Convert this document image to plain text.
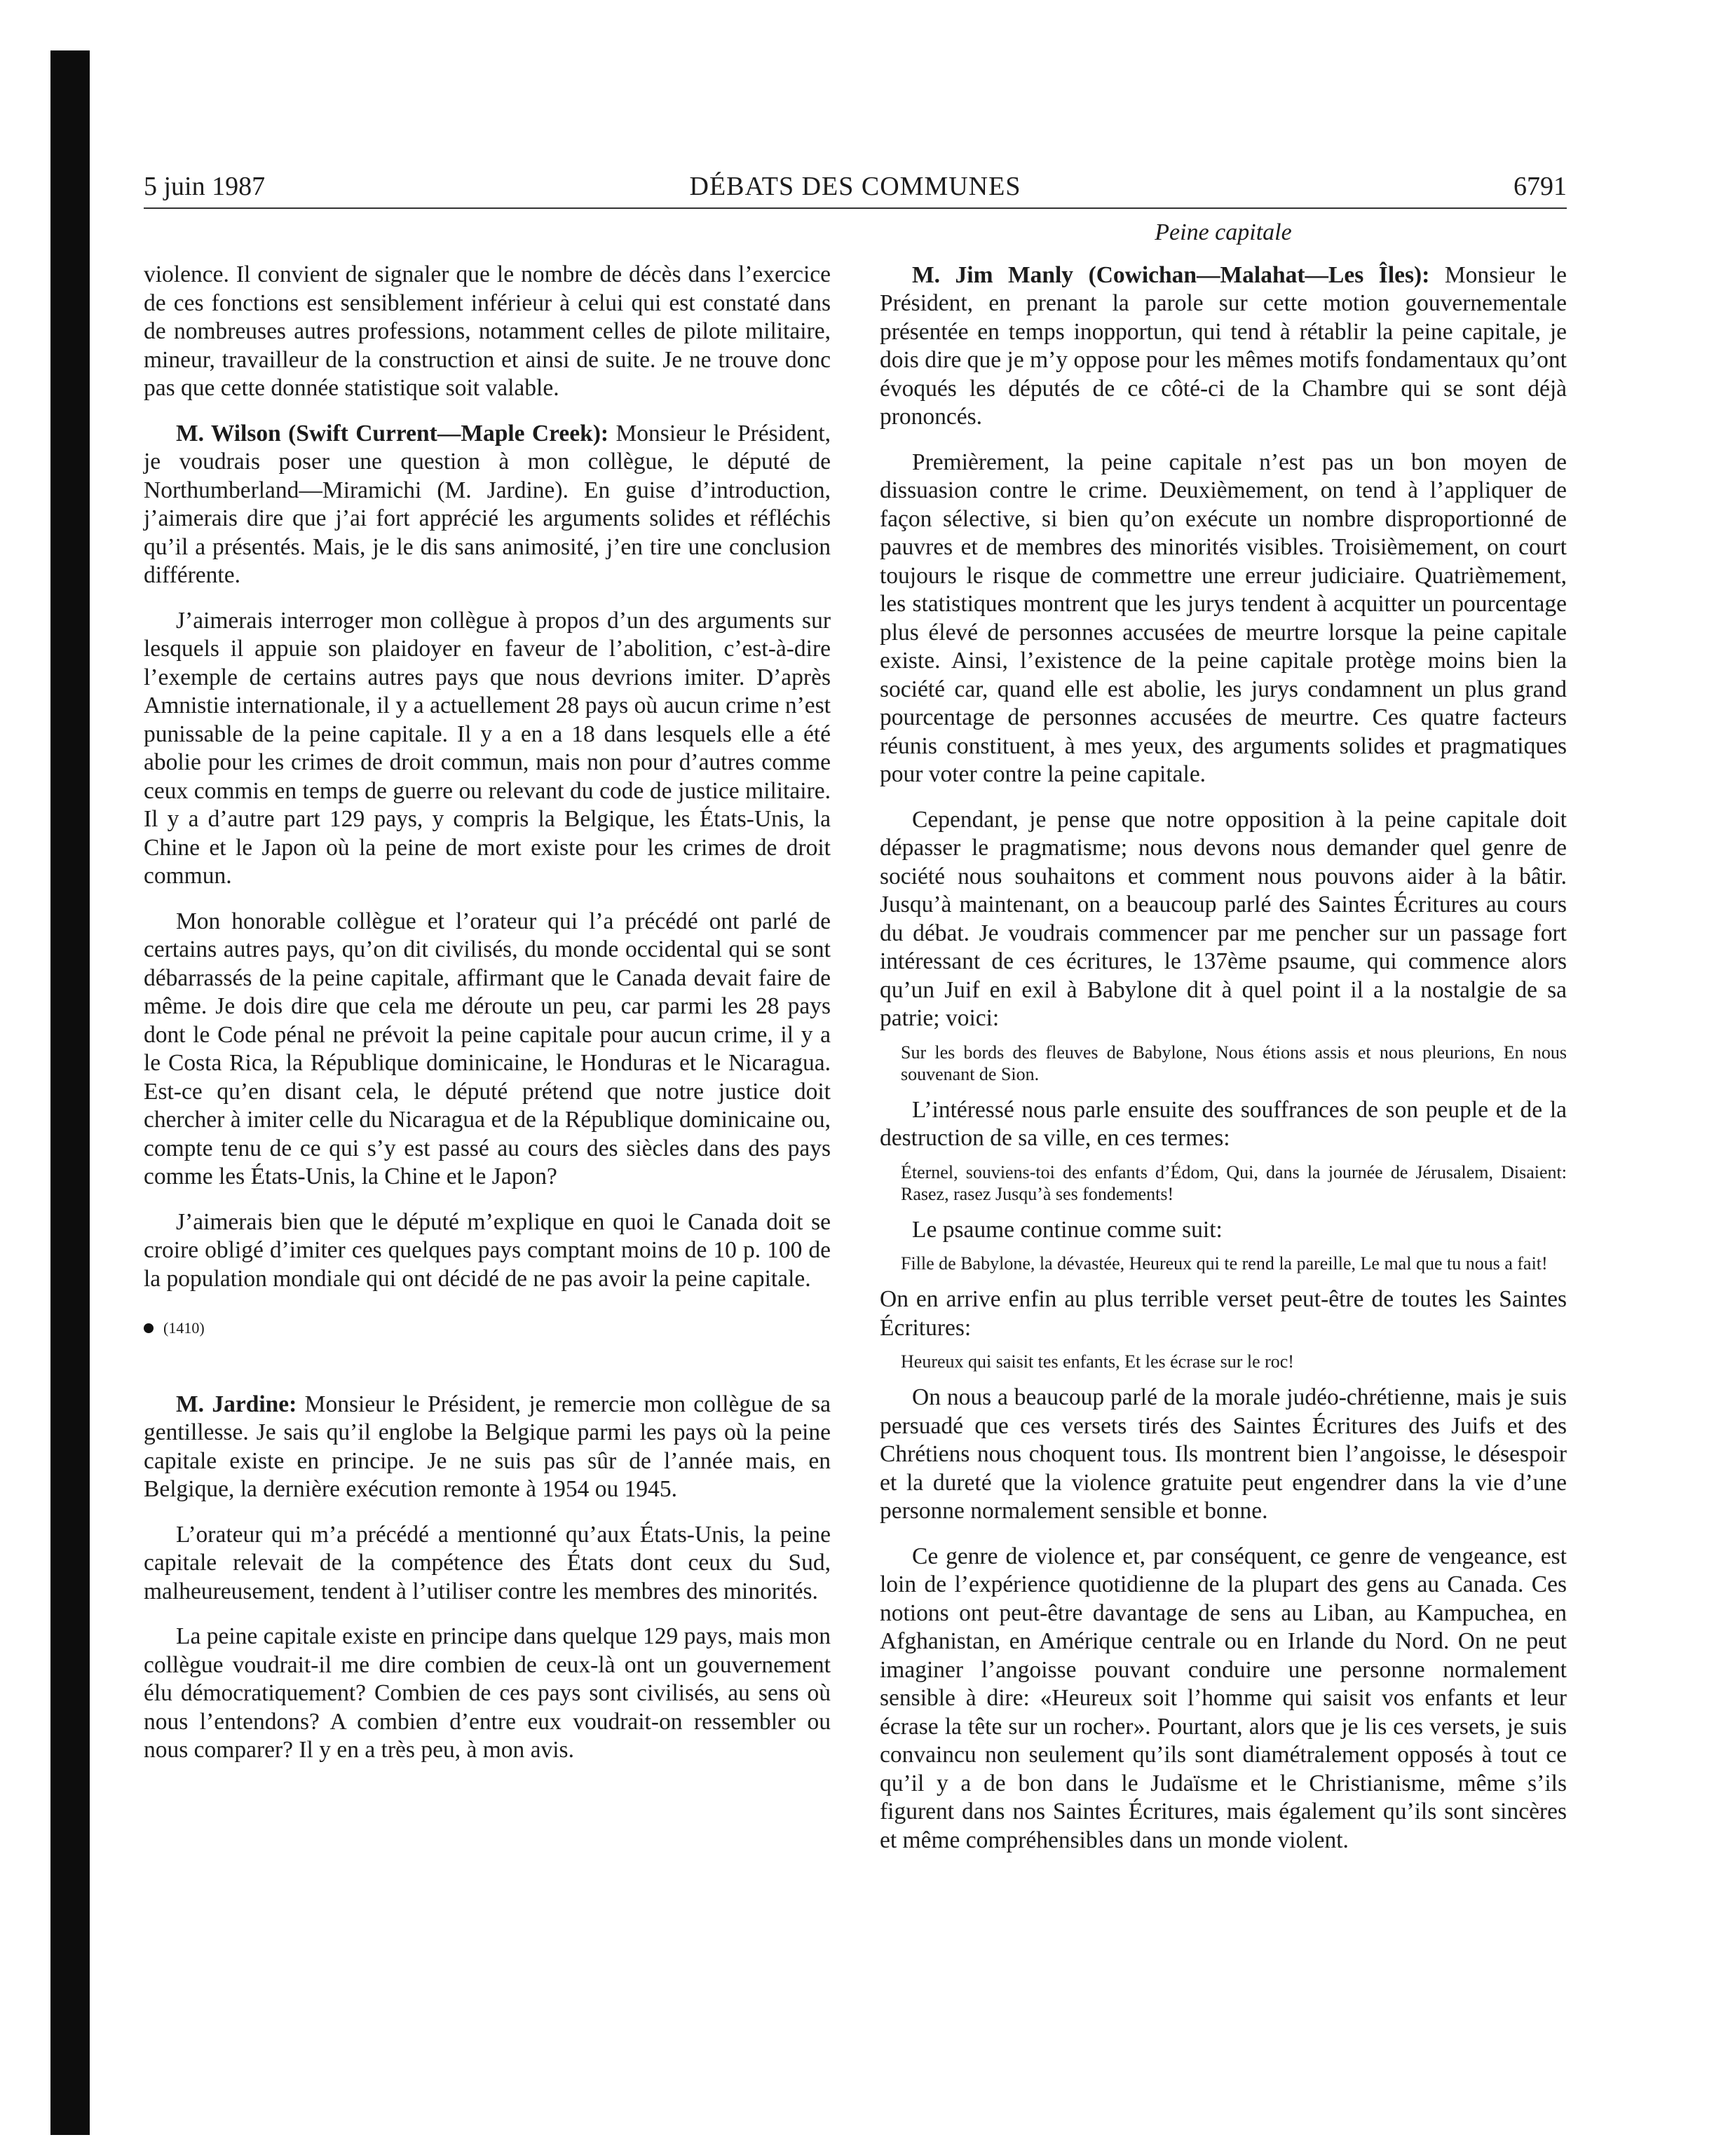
5 juin 1987	DÉBATS DES COMMUNES	6791

violence. Il convient de signaler que le nombre de décès dans l’exercice de ces fonctions est sensiblement inférieur à celui qui est constaté dans de nombreuses autres professions, notamment celles de pilote militaire, mineur, travailleur de la construction et ainsi de suite. Je ne trouve donc pas que cette donnée statistique soit valable.

M. Wilson (Swift Current—Maple Creek): Monsieur le Président, je voudrais poser une question à mon collègue, le député de Northumberland—Miramichi (M. Jardine). En guise d’introduction, j’aimerais dire que j’ai fort apprécié les arguments solides et réfléchis qu’il a présentés. Mais, je le dis sans animosité, j’en tire une conclusion différente.

J’aimerais interroger mon collègue à propos d’un des arguments sur lesquels il appuie son plaidoyer en faveur de l’abolition, c’est-à-dire l’exemple de certains autres pays que nous devrions imiter. D’après Amnistie internationale, il y a actuellement 28 pays où aucun crime n’est punissable de la peine capitale. Il y a en a 18 dans lesquels elle a été abolie pour les crimes de droit commun, mais non pour d’autres comme ceux commis en temps de guerre ou relevant du code de justice militaire. Il y a d’autre part 129 pays, y compris la Belgique, les États-Unis, la Chine et le Japon où la peine de mort existe pour les crimes de droit commun.

Mon honorable collègue et l’orateur qui l’a précédé ont parlé de certains autres pays, qu’on dit civilisés, du monde occidental qui se sont débarrassés de la peine capitale, affirmant que le Canada devait faire de même. Je dois dire que cela me déroute un peu, car parmi les 28 pays dont le Code pénal ne prévoit la peine capitale pour aucun crime, il y a le Costa Rica, la République dominicaine, le Honduras et le Nicaragua. Est-ce qu’en disant cela, le député prétend que notre justice doit chercher à imiter celle du Nicaragua et de la République dominicaine ou, compte tenu de ce qui s’y est passé au cours des siècles dans des pays comme les États-Unis, la Chine et le Japon?

J’aimerais bien que le député m’explique en quoi le Canada doit se croire obligé d’imiter ces quelques pays comptant moins de 10 p. 100 de la population mondiale qui ont décidé de ne pas avoir la peine capitale.

(1410)

M. Jardine: Monsieur le Président, je remercie mon collègue de sa gentillesse. Je sais qu’il englobe la Belgique parmi les pays où la peine capitale existe en principe. Je ne suis pas sûr de l’année mais, en Belgique, la dernière exécution remonte à 1954 ou 1945.

L’orateur qui m’a précédé a mentionné qu’aux États-Unis, la peine capitale relevait de la compétence des États dont ceux du Sud, malheureusement, tendent à l’utiliser contre les membres des minorités.

La peine capitale existe en principe dans quelque 129 pays, mais mon collègue voudrait-il me dire combien de ceux-là ont un gouvernement élu démocratiquement? Combien de ces pays sont civilisés, au sens où nous l’entendons? A combien d’entre eux voudrait-on ressembler ou nous comparer? Il y en a très peu, à mon avis.

Peine capitale

M. Jim Manly (Cowichan—Malahat—Les Îles): Monsieur le Président, en prenant la parole sur cette motion gouvernementale présentée en temps inopportun, qui tend à rétablir la peine capitale, je dois dire que je m’y oppose pour les mêmes motifs fondamentaux qu’ont évoqués les députés de ce côté-ci de la Chambre qui se sont déjà prononcés.

Premièrement, la peine capitale n’est pas un bon moyen de dissuasion contre le crime. Deuxièmement, on tend à l’appliquer de façon sélective, si bien qu’on exécute un nombre disproportionné de pauvres et de membres des minorités visibles. Troisièmement, on court toujours le risque de commettre une erreur judiciaire. Quatrièmement, les statistiques montrent que les jurys tendent à acquitter un pourcentage plus élevé de personnes accusées de meurtre lorsque la peine capitale existe. Ainsi, l’existence de la peine capitale protège moins bien la société car, quand elle est abolie, les jurys condamnent un plus grand pourcentage de personnes accusées de meurtre. Ces quatre facteurs réunis constituent, à mes yeux, des arguments solides et pragmatiques pour voter contre la peine capitale.

Cependant, je pense que notre opposition à la peine capitale doit dépasser le pragmatisme; nous devons nous demander quel genre de société nous souhaitons et comment nous pouvons aider à la bâtir. Jusqu’à maintenant, on a beaucoup parlé des Saintes Écritures au cours du débat. Je voudrais commencer par me pencher sur un passage fort intéressant de ces écritures, le 137ème psaume, qui commence alors qu’un Juif en exil à Babylone dit à quel point il a la nostalgie de sa patrie; voici:

Sur les bords des fleuves de Babylone, Nous étions assis et nous pleurions, En nous souvenant de Sion.

L’intéressé nous parle ensuite des souffrances de son peuple et de la destruction de sa ville, en ces termes:

Éternel, souviens-toi des enfants d’Édom, Qui, dans la journée de Jérusalem, Disaient: Rasez, rasez Jusqu’à ses fondements!

Le psaume continue comme suit:

Fille de Babylone, la dévastée, Heureux qui te rend la pareille, Le mal que tu nous a fait!

On en arrive enfin au plus terrible verset peut-être de toutes les Saintes Écritures:

Heureux qui saisit tes enfants, Et les écrase sur le roc!

On nous a beaucoup parlé de la morale judéo-chrétienne, mais je suis persuadé que ces versets tirés des Saintes Écritures des Juifs et des Chrétiens nous choquent tous. Ils montrent bien l’angoisse, le désespoir et la dureté que la violence gratuite peut engendrer dans la vie d’une personne normalement sensible et bonne.

Ce genre de violence et, par conséquent, ce genre de vengeance, est loin de l’expérience quotidienne de la plupart des gens au Canada. Ces notions ont peut-être davantage de sens au Liban, au Kampuchea, en Afghanistan, en Amérique centrale ou en Irlande du Nord. On ne peut imaginer l’angoisse pouvant conduire une personne normalement sensible à dire: «Heureux soit l’homme qui saisit vos enfants et leur écrase la tête sur un rocher». Pourtant, alors que je lis ces versets, je suis convaincu non seulement qu’ils sont diamétralement opposés à tout ce qu’il y a de bon dans le Judaïsme et le Christianisme, même s’ils figurent dans nos Saintes Écritures, mais également qu’ils sont sincères et même compréhensibles dans un monde violent.
